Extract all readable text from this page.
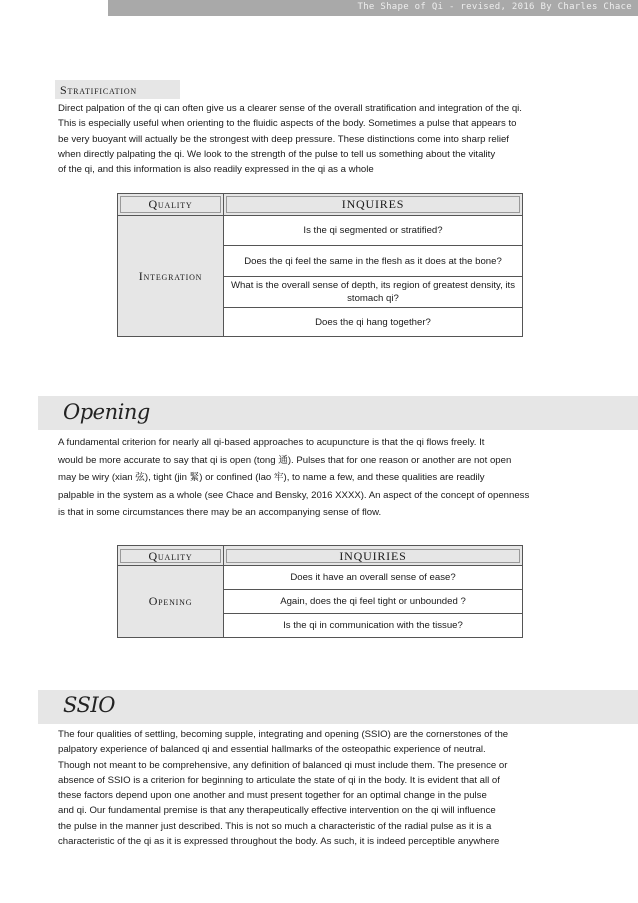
The Shape of Qi - revised, 2016 By Charles Chace
Stratification

Direct palpation of the qi can often give us a clearer sense of the overall stratification and integration of the qi.

This is especially useful when orienting to the fluidic aspects of the body. Sometimes a pulse that appears to

be very buoyant will actually be the strongest with deep pressure. These distinctions come into sharp relief

when directly palpating the qi. We look to the strength of the pulse to tell us something about the vitality

of the qi, and this information is also readily expressed in the qi as a whole

Quality	INQUIRES

Integration	Is the qi segmented or stratified?
	Does the qi feel the same in the flesh as it does at the bone?
	What is the overall sense of depth, its region of greatest density, its stomach qi?
	Does the qi hang together?
Opening

A fundamental criterion for nearly all qi-based approaches to acupuncture is that the qi flows freely. It

would be more accurate to say that qi is open (tong 通). Pulses that for one reason or another are not open

may be wiry (xian 弦), tight (jin 緊) or confined (lao 牢), to name a few, and these qualities are readily

palpable in the system as a whole (see Chace and Bensky, 2016 XXXX). An aspect of the concept of openness

is that in some circumstances there may be an accompanying sense of flow.

Quality	INQUIRIES

Opening	Does it have an overall sense of ease?
	Again, does the qi feel tight or unbounded ?
	Is the qi in communication with the tissue?
SSIO

The four qualities of settling, becoming supple, integrating and opening (SSIO) are the cornerstones of the

palpatory experience of balanced qi and essential hallmarks of the osteopathic experience of neutral.

Though not meant to be comprehensive, any definition of balanced qi must include them. The presence or

absence of SSIO is a criterion for beginning to articulate the state of qi in the body. It is evident that all of

these factors depend upon one another and must present together for an optimal change in the pulse

and qi. Our fundamental premise is that any therapeutically effective intervention on the qi will influence

the pulse in the manner just described. This is not so much a characteristic of the radial pulse as it is a

characteristic of the qi as it is expressed throughout the body. As such, it is indeed perceptible anywhere
